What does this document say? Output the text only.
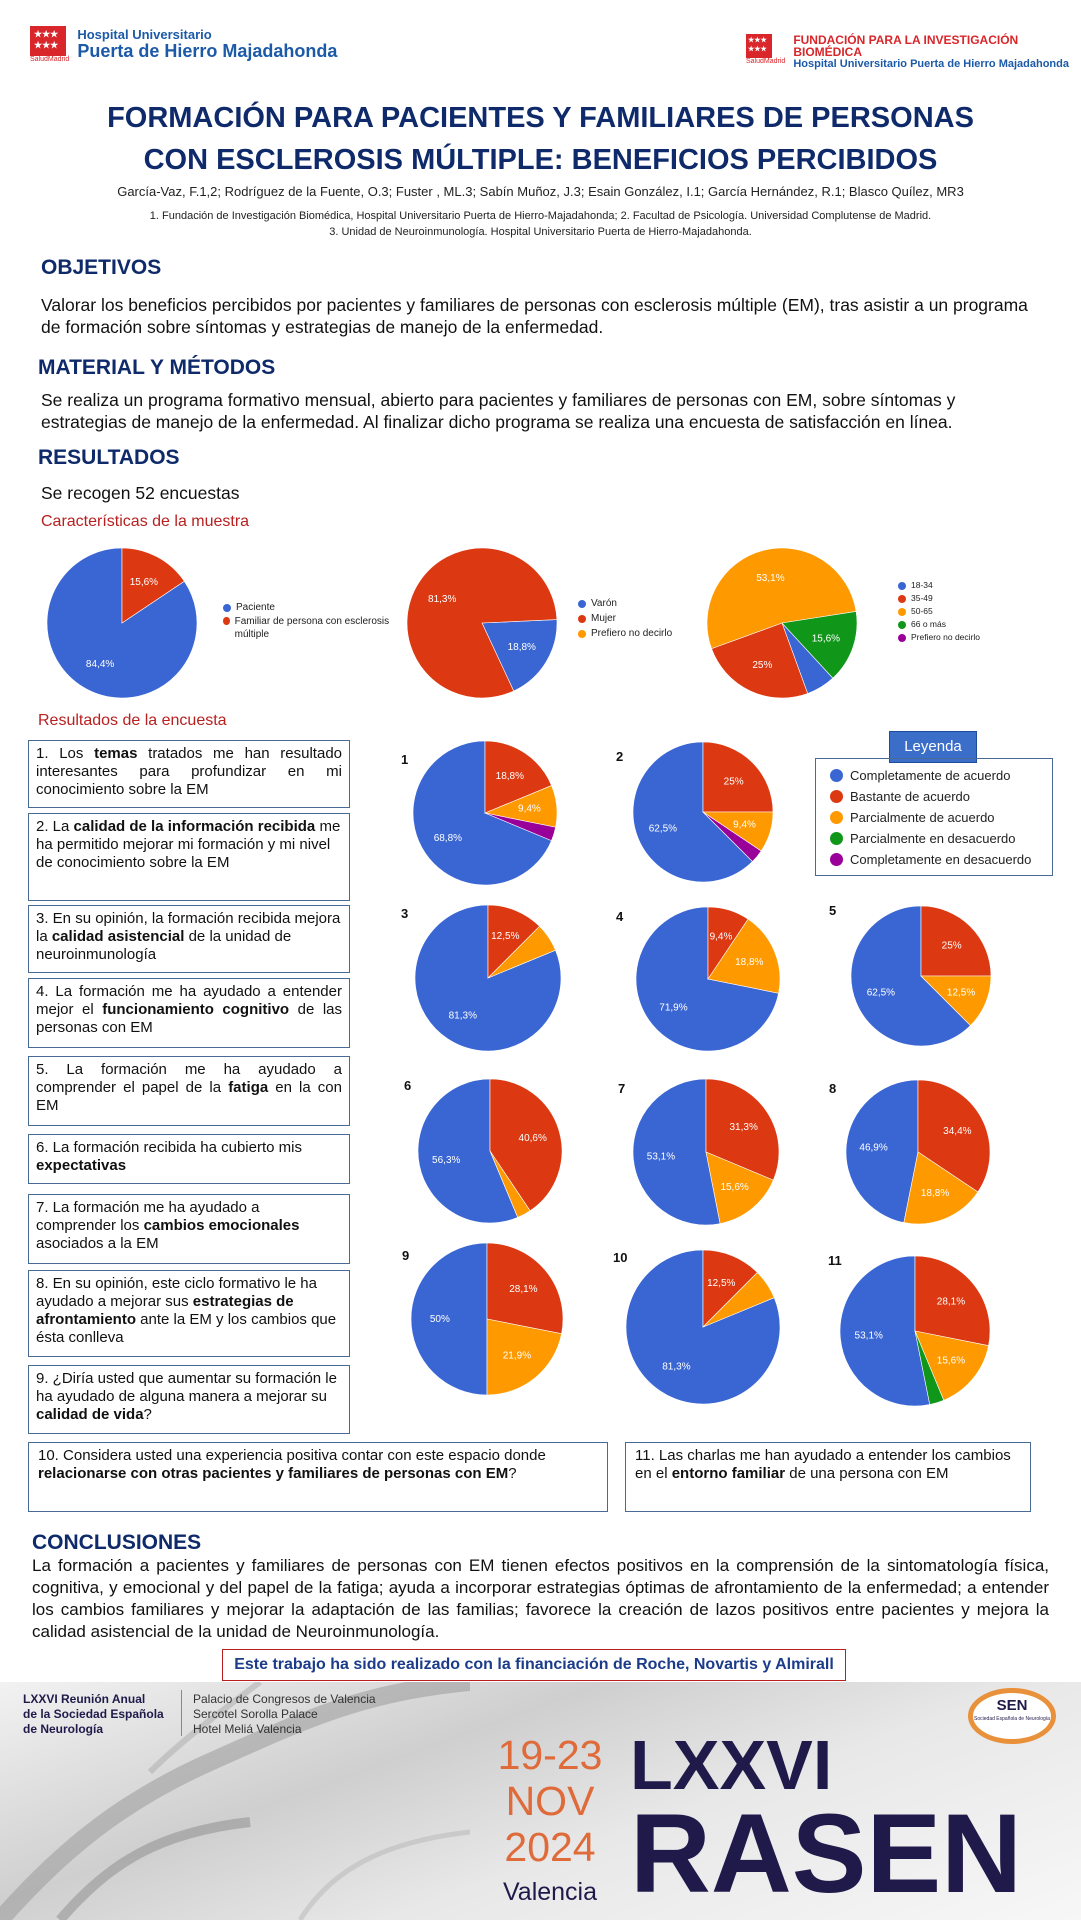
★★★
★★★
SaludMadrid
Hospital Universitario
Puerta de Hierro Majadahonda
★★★
★★★
SaludMadrid
FUNDACIÓN PARA LA INVESTIGACIÓN
BIOMÉDICA
Hospital Universitario Puerta de Hierro Majadahonda
FORMACIÓN PARA PACIENTES Y FAMILIARES DE PERSONAS
CON ESCLEROSIS MÚLTIPLE: BENEFICIOS PERCIBIDOS
García-Vaz, F.1,2; Rodríguez de la Fuente, O.3; Fuster , ML.3; Sabín Muñoz, J.3; Esain González, I.1; García Hernández, R.1; Blasco Quílez, MR3
1. Fundación de Investigación Biomédica, Hospital Universitario Puerta de Hierro-Majadahonda; 2. Facultad de Psicología. Universidad Complutense de Madrid.
3. Unidad de Neuroinmunología. Hospital Universitario Puerta de Hierro-Majadahonda.
OBJETIVOS
Valorar los beneficios percibidos por pacientes y familiares de personas con esclerosis múltiple (EM), tras asistir a un programa de formación sobre síntomas y estrategias de manejo de la enfermedad.
MATERIAL Y MÉTODOS
Se realiza un programa formativo mensual, abierto para pacientes y familiares de personas con EM, sobre síntomas y estrategias de manejo de la enfermedad. Al finalizar dicho programa se realiza una encuesta de satisfacción en línea.
RESULTADOS
Se recogen 52 encuestas
Características de la muestra
84,4%
15,6%
Paciente
Familiar de persona con esclerosis múltiple
18,8%
81,3%	Varón
Mujer
Prefiero no decirlo
25%
53,1%
15,6%
18-34
35-49
50-65
66 o más
Prefiero no decirlo
Resultados de la encuesta
1. Los temas tratados me han resultado interesantes para profundizar en mi conocimiento sobre la EM
2. La calidad de la información recibida me ha permitido mejorar mi formación y mi nivel de conocimiento sobre la EM
3. En su opinión, la formación recibida mejora la calidad asistencial de la unidad de neuroinmunología
4. La formación me ha ayudado a entender mejor el funcionamiento cognitivo de las personas con EM
5. La formación me ha ayudado a comprender el papel de la fatiga en la con EM
6. La formación recibida ha cubierto mis expectativas
7. La formación me ha ayudado a comprender los cambios emocionales asociados a la EM
8. En su opinión, este ciclo formativo le ha ayudado a mejorar sus estrategias de afrontamiento ante la EM y los cambios que ésta conlleva
9. ¿Diría usted que aumentar su formación le ha ayudado de alguna manera a mejorar su calidad de vida?
10. Considera usted una experiencia positiva contar con este espacio donde relacionarse con otras pacientes y familiares de personas con EM?
11. Las charlas me han ayudado a entender los cambios en el entorno familiar de una persona con EM
1
68,8%
18,8%
9,4%
2
62,5%
25%
9,4%
Leyenda
Completamente de acuerdo
Bastante de acuerdo
Parcialmente de acuerdo
Parcialmente en desacuerdo
Completamente en desacuerdo
3
81,3%
12,5%
4
71,9%
9,4%
18,8%
5
62,5%
25%
12,5%
6
56,3%
40,6%
7
53,1%
31,3%
15,6%
8
46,9%
34,4%
18,8%
9
50%
28,1%
21,9%
10
81,3%
12,5%
11
53,1%
28,1%
15,6%
CONCLUSIONES
La formación a pacientes y familiares de personas con EM tienen efectos positivos en la comprensión de la sintomatología física, cognitiva, y emocional y del papel de la fatiga; ayuda a incorporar estrategias óptimas de afrontamiento de la enfermedad; a entender los cambios familiares y mejorar la adaptación de las familias; favorece la creación de lazos positivos entre pacientes y mejora la calidad asistencial de la unidad de Neuroinmunología.
Este trabajo ha sido realizado con la financiación de Roche, Novartis y Almirall
LXXVI Reunión Anual
de la Sociedad Española
de Neurología
Palacio de Congresos de Valencia
Sercotel Sorolla Palace
Hotel Meliá Valencia
19-23
NOV
2024
Valencia
LXXVI
RASEN
SEN
Sociedad Española de Neurología
